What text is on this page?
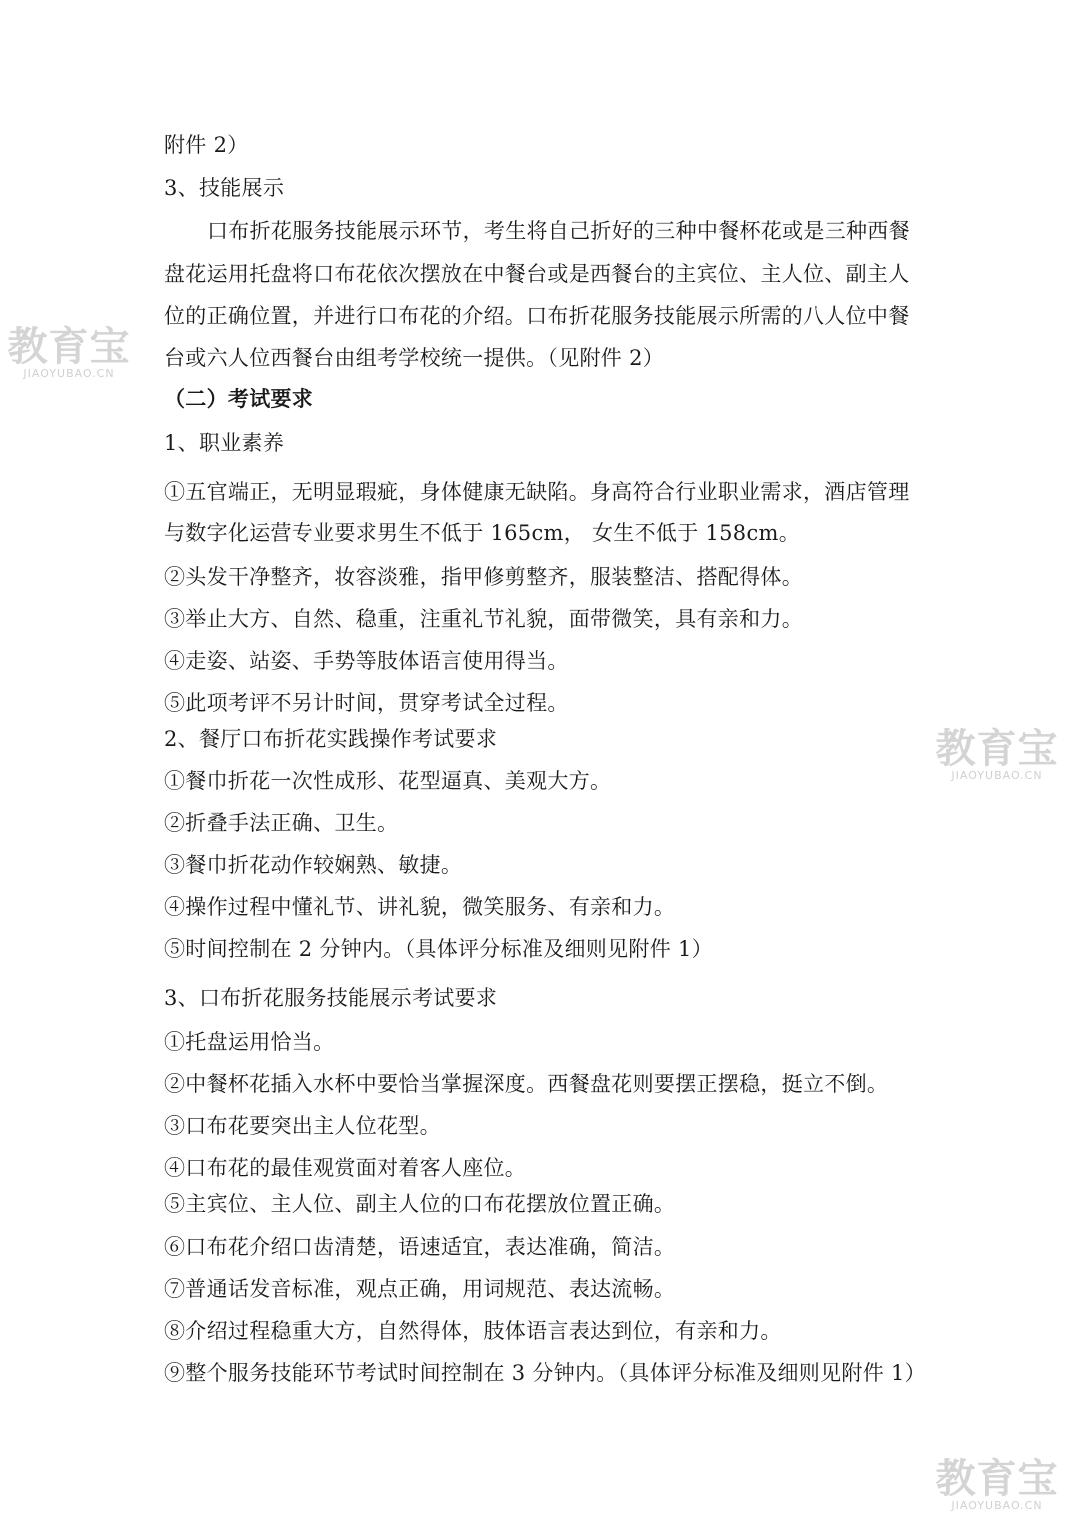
附件 2）
3、技能展示
口布折花服务技能展示环节，考生将自己折好的三种中餐杯花或是三种西餐
盘花运用托盘将口布花依次摆放在中餐台或是西餐台的主宾位、主人位、副主人
位的正确位置，并进行口布花的介绍。口布折花服务技能展示所需的八人位中餐
台或六人位西餐台由组考学校统一提供。（见附件 2）
（二）考试要求
1、职业素养
①五官端正，无明显瑕疵，身体健康无缺陷。身高符合行业职业需求，酒店管理
与数字化运营专业要求男生不低于 165cm， 女生不低于 158cm。
②头发干净整齐，妆容淡雅，指甲修剪整齐，服装整洁、搭配得体。
③举止大方、自然、稳重，注重礼节礼貌，面带微笑，具有亲和力。
④走姿、站姿、手势等肢体语言使用得当。
⑤此项考评不另计时间，贯穿考试全过程。
2、餐厅口布折花实践操作考试要求
①餐巾折花一次性成形、花型逼真、美观大方。
②折叠手法正确、卫生。
③餐巾折花动作较娴熟、敏捷。
④操作过程中懂礼节、讲礼貌，微笑服务、有亲和力。
⑤时间控制在 2 分钟内。（具体评分标准及细则见附件 1）
3、口布折花服务技能展示考试要求
①托盘运用恰当。
②中餐杯花插入水杯中要恰当掌握深度。西餐盘花则要摆正摆稳，挺立不倒。
③口布花要突出主人位花型。
④口布花的最佳观赏面对着客人座位。
⑤主宾位、主人位、副主人位的口布花摆放位置正确。
⑥口布花介绍口齿清楚，语速适宜，表达准确，简洁。
⑦普通话发音标准，观点正确，用词规范、表达流畅。
⑧介绍过程稳重大方，自然得体，肢体语言表达到位，有亲和力。
⑨整个服务技能环节考试时间控制在 3 分钟内。（具体评分标准及细则见附件 1）
教育宝
JIAOYUBAO.CN
教育宝
JIAOYUBAO.CN
教育宝
JIAOYUBAO.CN
